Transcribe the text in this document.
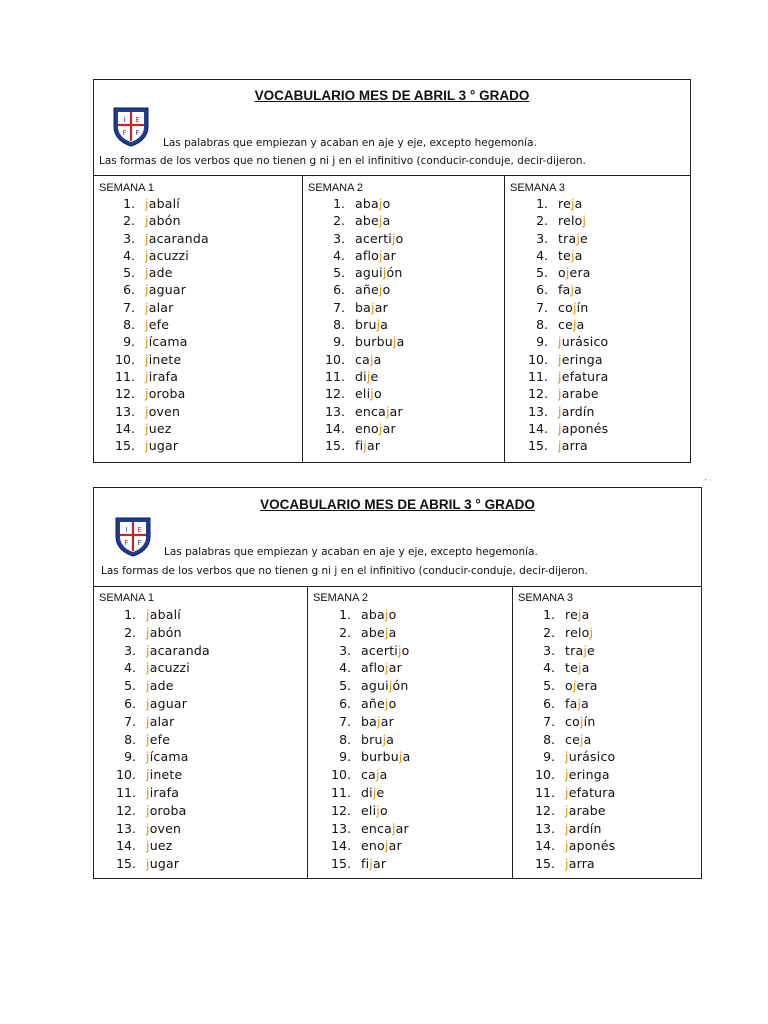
VOCABULARIO MES DE ABRIL 3 ° GRADO
I E
F F
Las palabras que empiezan y acaban en aje y eje, excepto hegemonía.
Las formas de los verbos que no tienen g ni j en el infinitivo (conducir-conduje, decir-dijeron.
SEMANA 1
1. jabalí
2. jabón
3. jacaranda
4. jacuzzi
5. jade
6. jaguar
7. jalar
8. jefe
9. jícama
10. jinete
11. jirafa
12. joroba
13. joven
14. juez
15. jugar
SEMANA 2
1. abajo
2. abeja
3. acertijo
4. aflojar
5. aguijón
6. añejo
7. bajar
8. bruja
9. burbuja
10. caja
11. dije
12. elijo
13. encajar
14. enojar
15. fijar
SEMANA 3
1. reja
2. reloj
3. traje
4. teja
5. ojera
6. faja
7. cojín
8. ceja
9. jurásico
10. jeringa
11. jefatura
12. jarabe
13. jardín
14. japonés
15. jarra
• ›
VOCABULARIO MES DE ABRIL 3 ° GRADO
I E
F F
Las palabras que empiezan y acaban en aje y eje, excepto hegemonía.
Las formas de los verbos que no tienen g ni j en el infinitivo (conducir-conduje, decir-dijeron.
SEMANA 1
1. jabalí
2. jabón
3. jacaranda
4. jacuzzi
5. jade
6. jaguar
7. jalar
8. jefe
9. jícama
10. jinete
11. jirafa
12. joroba
13. joven
14. juez
15. jugar
SEMANA 2
1. abajo
2. abeja
3. acertijo
4. aflojar
5. aguijón
6. añejo
7. bajar
8. bruja
9. burbuja
10. caja
11. dije
12. elijo
13. encajar
14. enojar
15. fijar
SEMANA 3
1. reja
2. reloj
3. traje
4. teja
5. ojera
6. faja
7. cojín
8. ceja
9. jurásico
10. jeringa
11. jefatura
12. jarabe
13. jardín
14. japonés
15. jarra
